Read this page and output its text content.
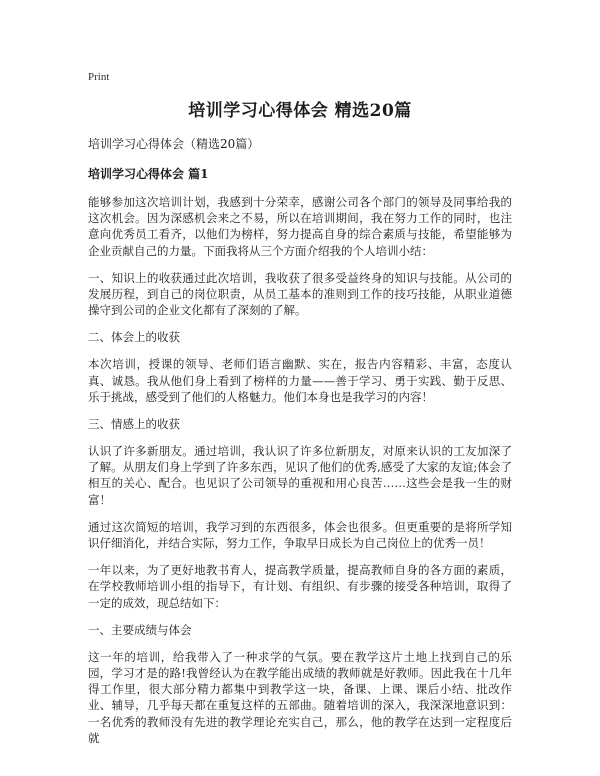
Print
培训学习心得体会 精选20篇
培训学习心得体会（精选20篇）
培训学习心得体会 篇1

能够参加这次培训计划，我感到十分荣幸，感谢公司各个部门的领导及同事给我的这次机会。因为深感机会来之不易，所以在培训期间，我在努力工作的同时，也注意向优秀员工看齐，以他们为榜样，努力提高自身的综合素质与技能，希望能够为企业贡献自己的力量。下面我将从三个方面介绍我的个人培训小结：

一、知识上的收获通过此次培训，我收获了很多受益终身的知识与技能。从公司的发展历程，到自己的岗位职责，从员工基本的准则到工作的技巧技能，从职业道德操守到公司的企业文化都有了深刻的了解。

二、体会上的收获

本次培训，授课的领导、老师们语言幽默、实在，报告内容精彩、丰富，态度认真、诚恳。我从他们身上看到了榜样的力量——善于学习、勇于实践、勤于反思、乐于挑战，感受到了他们的人格魅力。他们本身也是我学习的内容！

三、情感上的收获

认识了许多新朋友。通过培训，我认识了许多位新朋友，对原来认识的工友加深了了解。从朋友们身上学到了许多东西，见识了他们的优秀,感受了大家的友谊;体会了相互的关心、配合。也见识了公司领导的重视和用心良苦……这些会是我一生的财富！

通过这次简短的培训，我学习到的东西很多，体会也很多。但更重要的是将所学知识仔细消化，并结合实际，努力工作，争取早日成长为自己岗位上的优秀一员！

一年以来，为了更好地教书育人，提高教学质量，提高教师自身的各方面的素质，在学校教师培训小组的指导下，有计划、有组织、有步骤的接受各种培训，取得了一定的成效，现总结如下：

一、主要成绩与体会

这一年的培训，给我带入了一种求学的气氛。要在教学这片土地上找到自己的乐园，学习才是的路!我曾经认为在教学能出成绩的教师就是好教师。因此我在十几年得工作里，很大部分精力都集中到教学这一块，备课、上课、课后小结、批改作业、辅导，几乎每天都在重复这样的五部曲。随着培训的深入，我深深地意识到：一名优秀的教师没有先进的教学理论充实自己，那么，他的教学在达到一定程度后就
